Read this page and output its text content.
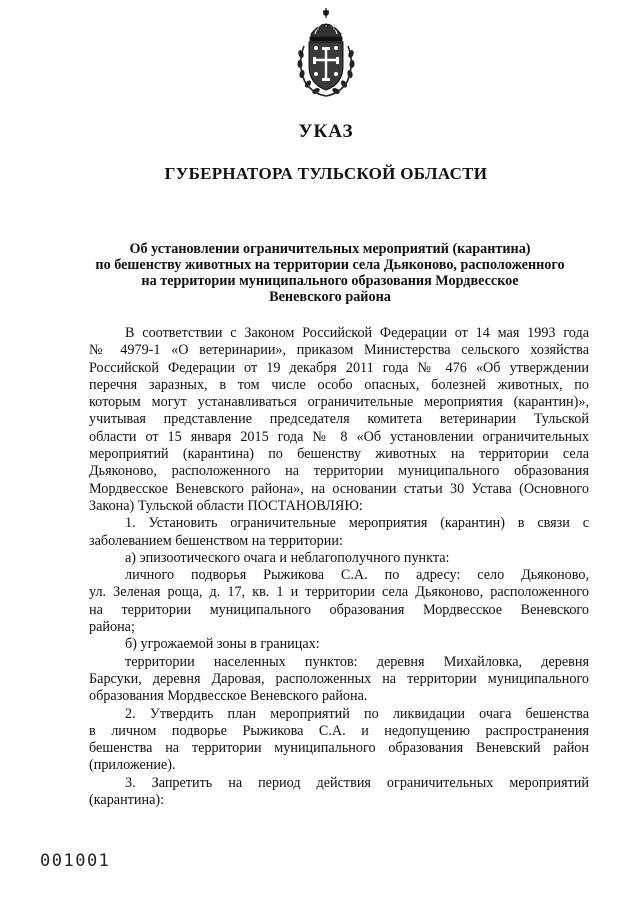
УКАЗ
ГУБЕРНАТОРА ТУЛЬСКОЙ ОБЛАСТИ
Об установлении ограничительных мероприятий (карантина)
по бешенству животных на территории села Дьяконово, расположенного
на территории муниципального образования Мордвесское
Веневского района
В соответствии с Законом Российской Федерации от 14 мая 1993 года
№ 4979-1 «О ветеринарии», приказом Министерства сельского хозяйства
Российской Федерации от 19 декабря 2011 года № 476 «Об утверждении
перечня заразных, в том числе особо опасных, болезней животных, по
которым могут устанавливаться ограничительные мероприятия (карантин)»,
учитывая представление председателя комитета ветеринарии Тульской
области от 15 января 2015 года № 8 «Об установлении ограничительных
мероприятий (карантина) по бешенству животных на территории села
Дьяконово, расположенного на территории муниципального образования
Мордвесское Веневского района», на основании статьи 30 Устава (Основного
Закона) Тульской области ПОСТАНОВЛЯЮ:
1. Установить ограничительные мероприятия (карантин) в связи с
заболеванием бешенством на территории:
а) эпизоотического очага и неблагополучного пункта:
личного подворья Рыжикова С.А. по адресу: село Дьяконово,
ул. Зеленая роща, д. 17, кв. 1 и территории села Дьяконово, расположенного
на территории муниципального образования Мордвесское Веневского
района;
б) угрожаемой зоны в границах:
территории населенных пунктов: деревня Михайловка, деревня
Барсуки, деревня Даровая, расположенных на территории муниципального
образования Мордвесское Веневского района.
2. Утвердить план мероприятий по ликвидации очага бешенства
в личном подворье Рыжикова С.А. и недопущению распространения
бешенства на территории муниципального образования Веневский район
(приложение).
3. Запретить на период действия ограничительных мероприятий
(карантина):
001001
